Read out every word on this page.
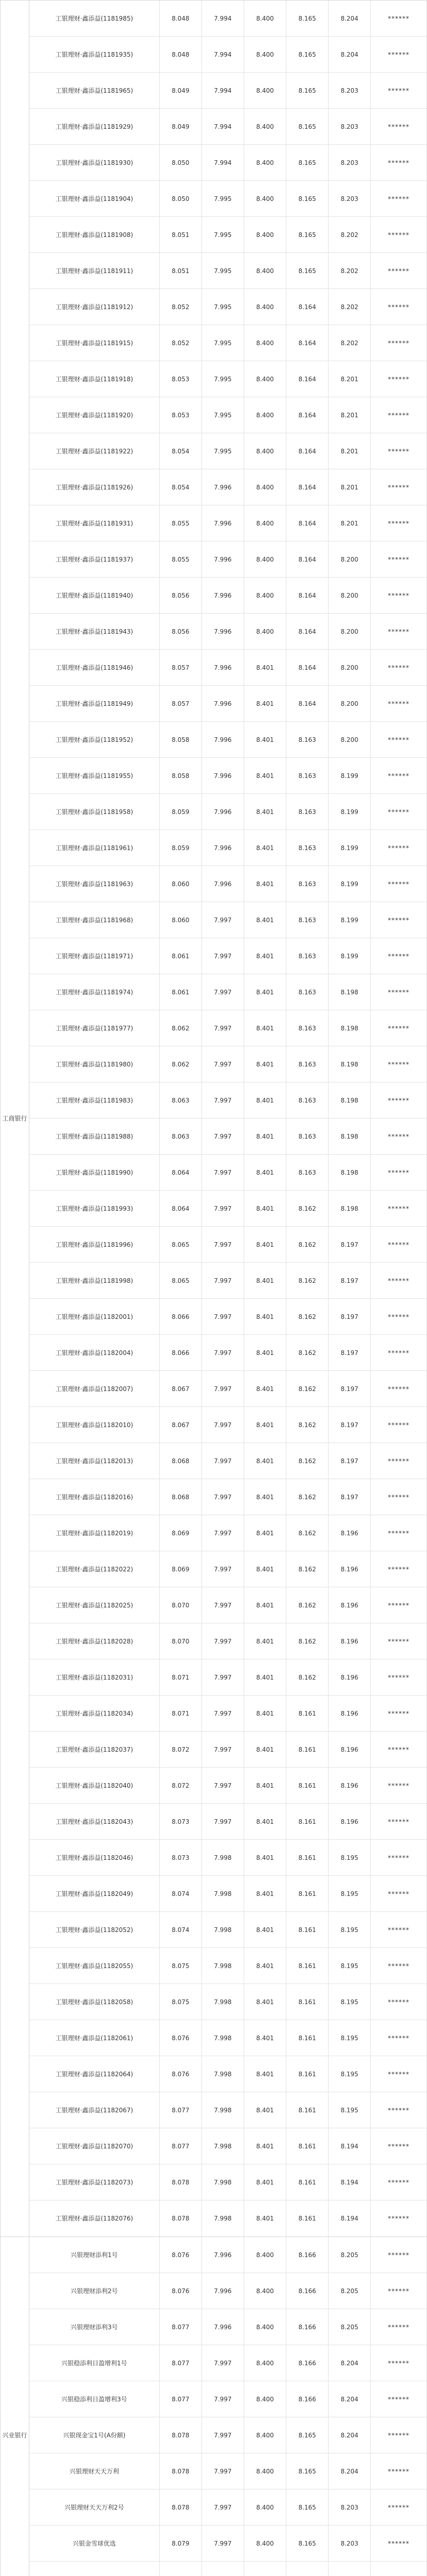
工商银行
工银理财·鑫添益(1181985)	8.048	7.994	8.400	8.165	8.204	******
工银理财·鑫添益(1181935)	8.048	7.994	8.400	8.165	8.204	******
工银理财·鑫添益(1181965)	8.049	7.994	8.400	8.165	8.203	******
工银理财·鑫添益(1181929)	8.049	7.994	8.400	8.165	8.203	******
工银理财·鑫添益(1181930)	8.050	7.994	8.400	8.165	8.203	******
工银理财·鑫添益(1181904)	8.050	7.995	8.400	8.165	8.203	******
工银理财·鑫添益(1181908)	8.051	7.995	8.400	8.165	8.202	******
工银理财·鑫添益(1181911)	8.051	7.995	8.400	8.165	8.202	******
工银理财·鑫添益(1181912)	8.052	7.995	8.400	8.164	8.202	******
工银理财·鑫添益(1181915)	8.052	7.995	8.400	8.164	8.202	******
工银理财·鑫添益(1181918)	8.053	7.995	8.400	8.164	8.201	******
工银理财·鑫添益(1181920)	8.053	7.995	8.400	8.164	8.201	******
工银理财·鑫添益(1181922)	8.054	7.995	8.400	8.164	8.201	******
工银理财·鑫添益(1181926)	8.054	7.996	8.400	8.164	8.201	******
工银理财·鑫添益(1181931)	8.055	7.996	8.400	8.164	8.201	******
工银理财·鑫添益(1181937)	8.055	7.996	8.400	8.164	8.200	******
工银理财·鑫添益(1181940)	8.056	7.996	8.400	8.164	8.200	******
工银理财·鑫添益(1181943)	8.056	7.996	8.400	8.164	8.200	******
工银理财·鑫添益(1181946)	8.057	7.996	8.401	8.164	8.200	******
工银理财·鑫添益(1181949)	8.057	7.996	8.401	8.164	8.200	******
工银理财·鑫添益(1181952)	8.058	7.996	8.401	8.163	8.200	******
工银理财·鑫添益(1181955)	8.058	7.996	8.401	8.163	8.199	******
工银理财·鑫添益(1181958)	8.059	7.996	8.401	8.163	8.199	******
工银理财·鑫添益(1181961)	8.059	7.996	8.401	8.163	8.199	******
工银理财·鑫添益(1181963)	8.060	7.996	8.401	8.163	8.199	******
工银理财·鑫添益(1181968)	8.060	7.997	8.401	8.163	8.199	******
工银理财·鑫添益(1181971)	8.061	7.997	8.401	8.163	8.199	******
工银理财·鑫添益(1181974)	8.061	7.997	8.401	8.163	8.198	******
工银理财·鑫添益(1181977)	8.062	7.997	8.401	8.163	8.198	******
工银理财·鑫添益(1181980)	8.062	7.997	8.401	8.163	8.198	******
工银理财·鑫添益(1181983)	8.063	7.997	8.401	8.163	8.198	******
工银理财·鑫添益(1181988)	8.063	7.997	8.401	8.163	8.198	******
工银理财·鑫添益(1181990)	8.064	7.997	8.401	8.163	8.198	******
工银理财·鑫添益(1181993)	8.064	7.997	8.401	8.162	8.198	******
工银理财·鑫添益(1181996)	8.065	7.997	8.401	8.162	8.197	******
工银理财·鑫添益(1181998)	8.065	7.997	8.401	8.162	8.197	******
工银理财·鑫添益(1182001)	8.066	7.997	8.401	8.162	8.197	******
工银理财·鑫添益(1182004)	8.066	7.997	8.401	8.162	8.197	******
工银理财·鑫添益(1182007)	8.067	7.997	8.401	8.162	8.197	******
工银理财·鑫添益(1182010)	8.067	7.997	8.401	8.162	8.197	******
工银理财·鑫添益(1182013)	8.068	7.997	8.401	8.162	8.197	******
工银理财·鑫添益(1182016)	8.068	7.997	8.401	8.162	8.197	******
工银理财·鑫添益(1182019)	8.069	7.997	8.401	8.162	8.196	******
工银理财·鑫添益(1182022)	8.069	7.997	8.401	8.162	8.196	******
工银理财·鑫添益(1182025)	8.070	7.997	8.401	8.162	8.196	******
工银理财·鑫添益(1182028)	8.070	7.997	8.401	8.162	8.196	******
工银理财·鑫添益(1182031)	8.071	7.997	8.401	8.162	8.196	******
工银理财·鑫添益(1182034)	8.071	7.997	8.401	8.161	8.196	******
工银理财·鑫添益(1182037)	8.072	7.997	8.401	8.161	8.196	******
工银理财·鑫添益(1182040)	8.072	7.997	8.401	8.161	8.196	******
工银理财·鑫添益(1182043)	8.073	7.997	8.401	8.161	8.196	******
工银理财·鑫添益(1182046)	8.073	7.998	8.401	8.161	8.195	******
工银理财·鑫添益(1182049)	8.074	7.998	8.401	8.161	8.195	******
工银理财·鑫添益(1182052)	8.074	7.998	8.401	8.161	8.195	******
工银理财·鑫添益(1182055)	8.075	7.998	8.401	8.161	8.195	******
工银理财·鑫添益(1182058)	8.075	7.998	8.401	8.161	8.195	******
工银理财·鑫添益(1182061)	8.076	7.998	8.401	8.161	8.195	******
工银理财·鑫添益(1182064)	8.076	7.998	8.401	8.161	8.195	******
工银理财·鑫添益(1182067)	8.077	7.998	8.401	8.161	8.195	******
工银理财·鑫添益(1182070)	8.077	7.998	8.401	8.161	8.194	******
工银理财·鑫添益(1182073)	8.078	7.998	8.401	8.161	8.194	******
工银理财·鑫添益(1182076)	8.078	7.998	8.401	8.161	8.194	******
兴业银行
兴银理财添利1号	8.076	7.996	8.400	8.166	8.205	******
兴银理财添利2号	8.076	7.996	8.400	8.166	8.205	******
兴银理财添利3号	8.077	7.996	8.400	8.166	8.205	******
兴银稳添利日盈增利1号	8.077	7.997	8.400	8.166	8.204	******
兴银稳添利日盈增利3号	8.077	7.997	8.400	8.166	8.204	******
兴银现金宝1号(A份额)	8.078	7.997	8.400	8.165	8.204	******
兴银理财天天万利	8.078	7.997	8.400	8.165	8.204	******
兴银理财天天万利2号	8.078	7.997	8.400	8.165	8.203	******
兴银金雪球优选	8.079	7.997	8.400	8.165	8.203	******
